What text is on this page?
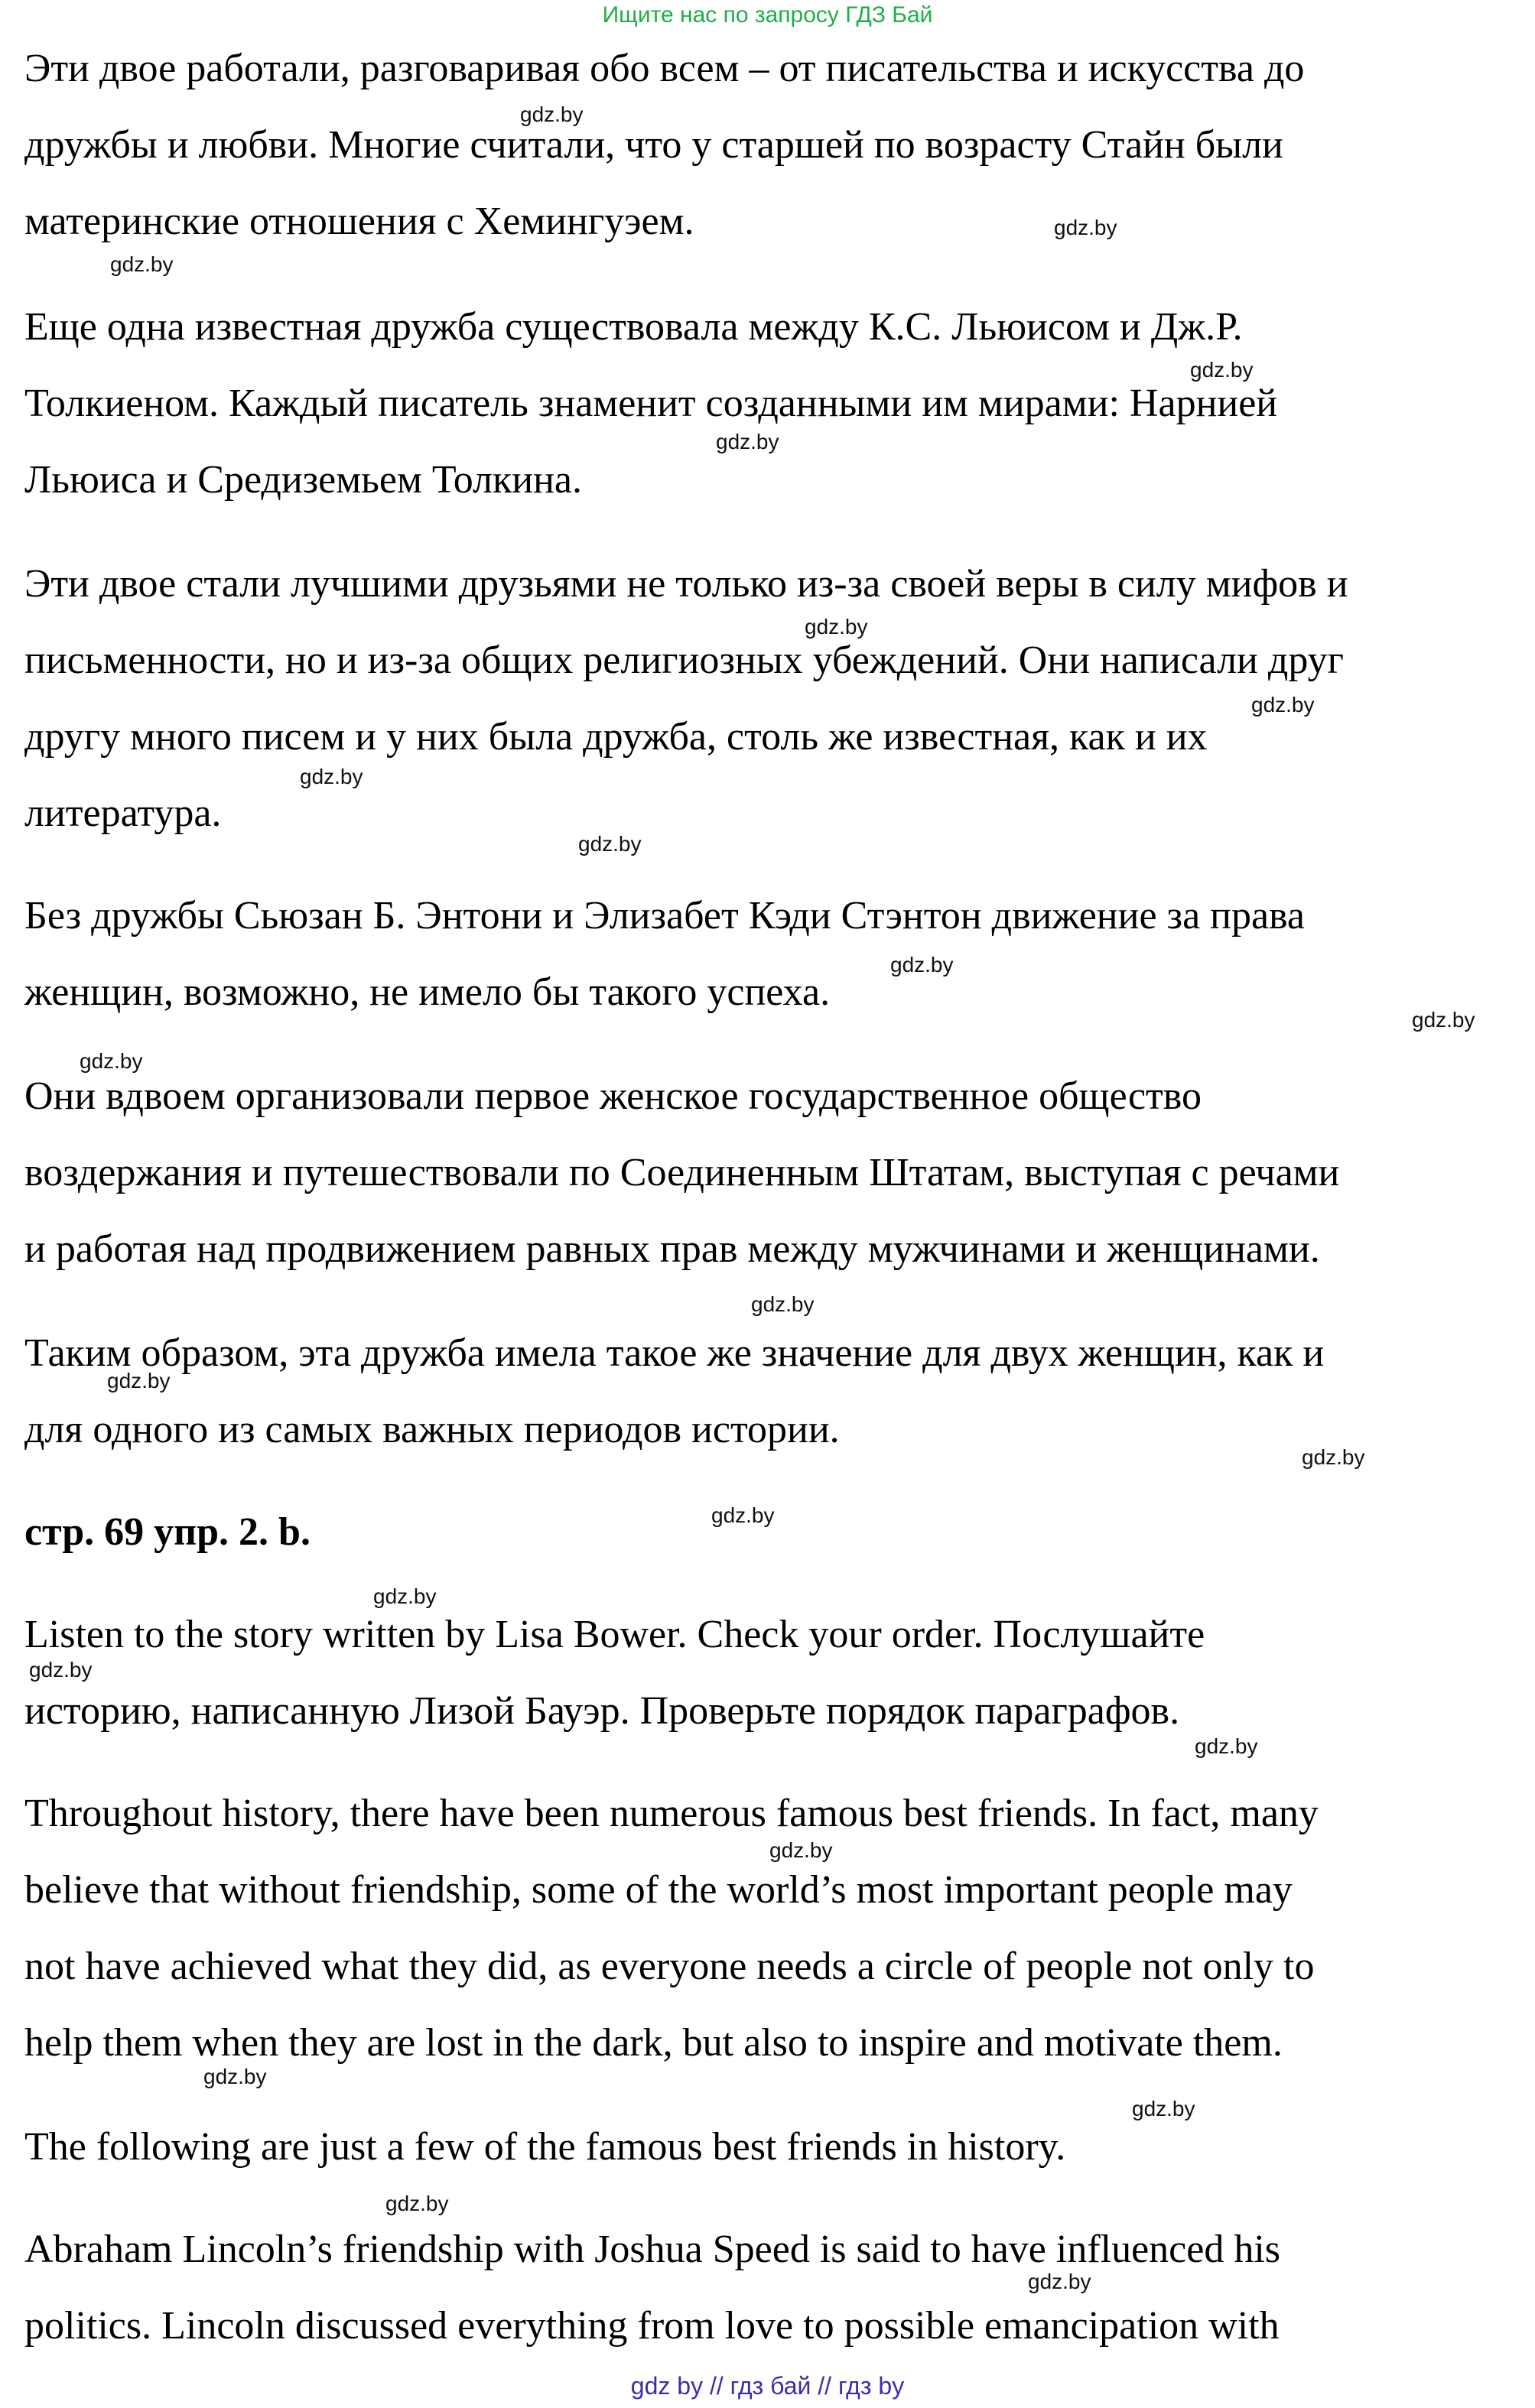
Ищите нас по запросу ГДЗ Бай
Эти двое работали, разговаривая обо всем – от писательства и искусства до
дружбы и любви. Многие считали, что у старшей по возрасту Стайн были
материнские отношения с Хемингуэем.
Еще одна известная дружба существовала между К.С. Льюисом и Дж.Р.
Толкиеном. Каждый писатель знаменит созданными им мирами: Нарнией
Льюиса и Средиземьем Толкина.
Эти двое стали лучшими друзьями не только из-за своей веры в силу мифов и
письменности, но и из-за общих религиозных убеждений. Они написали друг
другу много писем и у них была дружба, столь же известная, как и их
литература.
Без дружбы Сьюзан Б. Энтони и Элизабет Кэди Стэнтон движение за права
женщин, возможно, не имело бы такого успеха.
Они вдвоем организовали первое женское государственное общество
воздержания и путешествовали по Соединенным Штатам, выступая с речами
и работая над продвижением равных прав между мужчинами и женщинами.
Таким образом, эта дружба имела такое же значение для двух женщин, как и
для одного из самых важных периодов истории.
стр. 69 упр. 2. b.
Listen to the story written by Lisa Bower. Check your order. Послушайте
историю, написанную Лизой Бауэр. Проверьте порядок параграфов.
Throughout history, there have been numerous famous best friends. In fact, many
believe that without friendship, some of the world’s most important people may
not have achieved what they did, as everyone needs a circle of people not only to
help them when they are lost in the dark, but also to inspire and motivate them.
The following are just a few of the famous best friends in history.
Abraham Lincoln’s friendship with Joshua Speed is said to have influenced his
politics. Lincoln discussed everything from love to possible emancipation with
gdz.by
gdz.by
gdz.by
gdz.by
gdz.by
gdz.by
gdz.by
gdz.by
gdz.by
gdz.by
gdz.by
gdz.by
gdz.by
gdz.by
gdz.by
gdz.by
gdz.by
gdz.by
gdz.by
gdz.by
gdz.by
gdz.by
gdz.by
gdz.by
gdz by // гдз бай // гдз by
